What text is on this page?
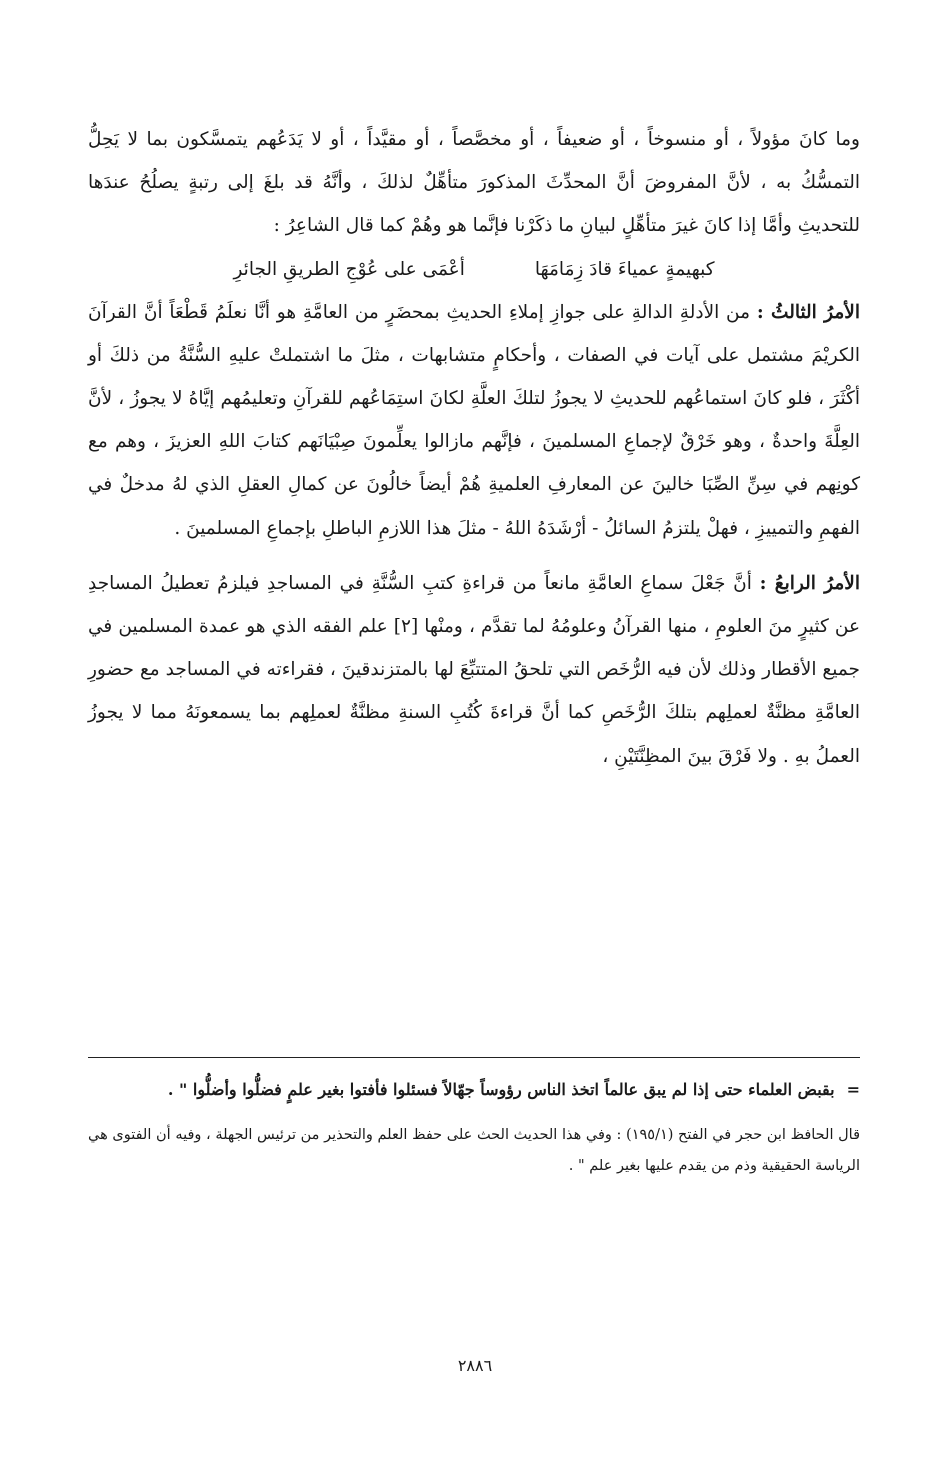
وما كانَ مؤولاً ، أو منسوخاً ، أو ضعيفاً ، أو مخصَّصاً ، أو مقيَّداً ، أو لا يَدَعُهم يتمسَّكون بما لا يَحِلُّ التمسُّكُ به ، لأنَّ المفروضَ أنَّ المحدِّثَ المذكورَ متأهِّلٌ لذلكَ ، وأنَّهُ قد بلغَ إلى رتبةٍ يصلُحُ عندَها للتحديثِ وأمَّا إذا كانَ غيرَ متأهِّلٍ لبيانِ ما ذكَرْنا فإنَّما هو وهُمْ كما قال الشاعِرُ :

كبهيمةٍ عمياءَ قادَ زِمَامَهَا
أعْمَى على عُوْجِ الطريقِ الجائرِ

الأمرُ الثالثُ : من الأدلةِ الدالةِ على جوازِ إملاءِ الحديثِ بمحضَرٍ من العامَّةِ هو أنَّا نعلَمُ قَطْعَاً أنَّ القرآنَ الكريْمَ مشتمل على آيات في الصفات ، وأحكامٍ متشابهات ، مثلَ ما اشتملتْ عليهِ السُّنَّةُ من ذلكَ أو أكْثَرَ ، فلو كانَ استماعُهم للحديثِ لا يجوزُ لتلكَ العلَّةِ لكانَ استِمَاعُهم للقرآنِ وتعليمُهم إيَّاهُ لا يجوزُ ، لأنَّ العِلَّةَ واحدةٌ ، وهو خَرْقٌ لإجماعِ المسلمينَ ، فإنَّهم مازالوا يعلِّمونَ صِبْيَانَهم كتابَ اللهِ العزيزَ ، وهم مع كونِهم في سِنِّ الصِّبَا خالينَ عن المعارفِ العلميةِ هُمْ أيضاً خالُونَ عن كمالِ العقلِ الذي لهُ مدخلٌ في الفهمِ والتمييزِ ، فهلْ يلتزمُ السائلُ - أرْشَدَهُ اللهُ - مثلَ هذا اللازمِ الباطلِ بإجماعِ المسلمينَ .

الأمرُ الرابعُ : أنَّ جَعْلَ سماعِ العامَّةِ مانعاً من قراءةِ كتبِ السُّنَّةِ في المساجدِ فيلزمُ تعطيلُ المساجدِ عن كثيرٍ منَ العلومِ ، منها القرآنُ وعلومُهُ لما تقدَّم ، ومنْها [٢] علم الفقه الذي هو عمدة المسلمين في جميع الأقطار وذلك لأن فيه الرُّخَص التي تلحقُ المتتبِّعَ لها بالمتزندقينَ ، فقراءته في المساجد مع حضورِ العامَّةِ مظنَّةٌ لعملِهم بتلكَ الرُّخَصِ كما أنَّ قراءةَ كُتُبِ السنةِ مظنَّةٌ لعملِهم بما يسمعونَهُ مما لا يجوزُ العملُ بهِ . ولا فَرْقَ بينَ المظِنَّتَيْنِ ،

=بقبض العلماء حتى إذا لم يبق عالماً اتخذ الناس رؤوساً جهّالاً فسئلوا فأفتوا بغير علمٍ فضلُّوا وأضلُّوا " .

قال الحافظ ابن حجر في الفتح (١٩٥/١) : وفي هذا الحديث الحث على حفظ العلم والتحذير من ترئيس الجهلة ، وفيه أن الفتوى هي الرياسة الحقيقية وذم من يقدم عليها بغير علم " .

٢٨٨٦
